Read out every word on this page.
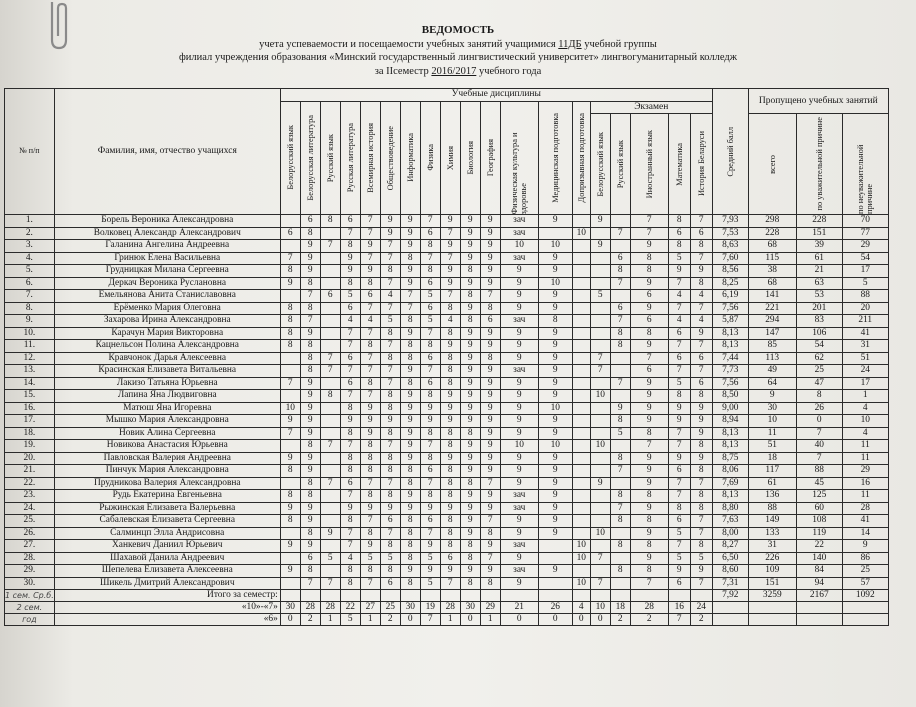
ВЕДОМОСТЬ
учета успеваемости и посещаемости учебных занятий учащимися 11ДБ учебной группы
филиал учреждения образования «Минский государственный лингвистический университет» лингвогуманитарный колледж
за IIсеместр 2016/2017 учебного года
№ п/п	Фамилия, имя, отчество учащихся	Учебные дисциплины																			Средний балл	Пропущено учебных занятий		

		Белорусский язык	Белорусская литература	Русский язык	Русская литература	Всемирная история	Обществоведение	Информатика	Физика	Химия	Биология	География	Физическая культура и здоровье	Медицинская подготовка	Допризывная подготовка	Экзамен								

																Белорусский язык	Русский язык	Иностранный язык	Математика	История Беларуси		всего	по уважительной причине	по неуважительной причине

1.	Борель Вероника Александровна		6	8	6	7	9	9	7	9	9	9	зач	9		9		7	8	7	7,93	298	228	70
2.	Волковец Александр Александрович	6	8		7	7	9	9	6	7	9	9	зач		10		7	7	6	6	7,53	228	151	77
3.	Галанина Ангелина Андреевна		9	7	8	9	7	9	8	9	9	9	10	10		9		9	8	8	8,63	68	39	29
4.	Гринюк Елена Васильевна	7	9		9	7	7	8	7	7	9	9	зач	9			6	8	5	7	7,60	115	61	54
5.	Грудницкая Милана Сергеевна	8	9		9	9	8	9	8	9	8	9	9	9			8	8	9	9	8,56	38	21	17
6.	Деркач Вероника Руслановна	9	8		8	8	7	9	6	9	9	9	9	10			7	9	7	8	8,25	68	63	5
7.	Емельянова Анита Станиславовна		7	6	5	6	4	7	5	7	8	7	9	9		5		6	4	4	6,19	141	53	88
8.	Ерёменко Мария Олеговна	8	8		6	7	7	7	6	8	9	8	9	9			6	9	7	7	7,56	221	201	20
9.	Захарова Ирина Александровна	8	7		4	4	5	8	5	4	8	6	зач	8			7	6	4	4	5,87	294	83	211
10.	Карачун Мария Викторовна	8	9		7	7	8	9	7	8	9	9	9	9			8	8	6	9	8,13	147	106	41
11.	Кацнельсон Полина Александровна	8	8		7	8	7	8	8	9	9	9	9	9			8	9	7	7	8,13	85	54	31
12.	Кравчонок Дарья Алексеевна		8	7	6	7	8	8	6	8	9	8	9	9		7		7	6	6	7,44	113	62	51
13.	Красинская Елизавета Витальевна		8	7	7	7	7	9	7	8	9	9	зач	9		7		6	7	7	7,73	49	25	24
14.	Лакизо Татьяна Юрьевна	7	9		6	8	7	8	6	8	9	9	9	9			7	9	5	6	7,56	64	47	17
15.	Лапина Яна Людвиговна		9	8	7	7	8	9	8	9	9	9	9	9		10		9	8	8	8,50	9	8	1
16.	Матюш Яна Игоревна	10	9		8	9	8	9	9	9	9	9	9	10			9	9	9	9	9,00	30	26	4
17.	Мышко Мария Александровна	9	9		9	9	9	9	9	9	9	9	9	9			8	9	9	9	8,94	10	0	10
18.	Новик Алина Сергеевна	7	9		8	9	8	9	8	8	8	9	9	9			5	8	7	9	8,13	11	7	4
19.	Новикова Анастасия Юрьевна		8	7	7	8	7	9	7	8	9	9	10	10		10		7	7	8	8,13	51	40	11
20.	Павловская Валерия Андреевна	9	9		8	8	8	9	8	9	9	9	9	9			8	9	9	9	8,75	18	7	11
21.	Пинчук Мария Александровна	8	9		8	8	8	8	6	8	9	9	9	9			7	9	6	8	8,06	117	88	29
22.	Прудникова Валерия Александровна		8	7	6	7	7	8	7	8	8	7	9	9		9		9	7	7	7,69	61	45	16
23.	Рудь Екатерина Евгеньевна	8	8		7	8	8	9	8	8	9	9	зач	9			8	8	7	8	8,13	136	125	11
24.	Рыжинская Елизавета Валерьевна	9	9		9	9	9	9	9	9	9	9	зач	9			7	9	8	8	8,80	88	60	28
25.	Сабалевская Елизавета Сергеевна	8	9		8	7	6	8	6	8	9	7	9	9			8	8	6	7	7,63	149	108	41
26.	Салминцп Элла Андрисовна		8	9	7	8	7	8	7	8	9	8	9	9		10		9	5	7	8,00	133	119	14
27.	Ханкевич Даниил Юрьевич	9	9		7	9	8	8	9	8	8	9	зач		10		8	8	7	8	8,27	31	22	9
28.	Шахавой Данила Андреевич		6	5	4	5	5	8	5	6	8	7	9		10	7		9	5	5	6,50	226	140	86
29.	Шепелева Елизавета Алексеевна	9	8		8	8	8	9	9	9	9	9	зач	9			8	8	9	9	8,60	109	84	25
30.	Шикель Дмитрий Александрович		7	7	8	7	6	8	5	7	8	8	9		10	7		7	6	7	7,31	151	94	57
1 сем. Ср.б.	Итого за семестр:																				7,92	3259	2167	1092
2 сем.	«10»-«7»	30	28	28	22	27	25	30	19	28	30	29	21	26	4	10	18	28	16	24				
год	«6»	0	2	1	5	1	2	0	7	1	0	1	0	0	0	0	2	2	7	2				
